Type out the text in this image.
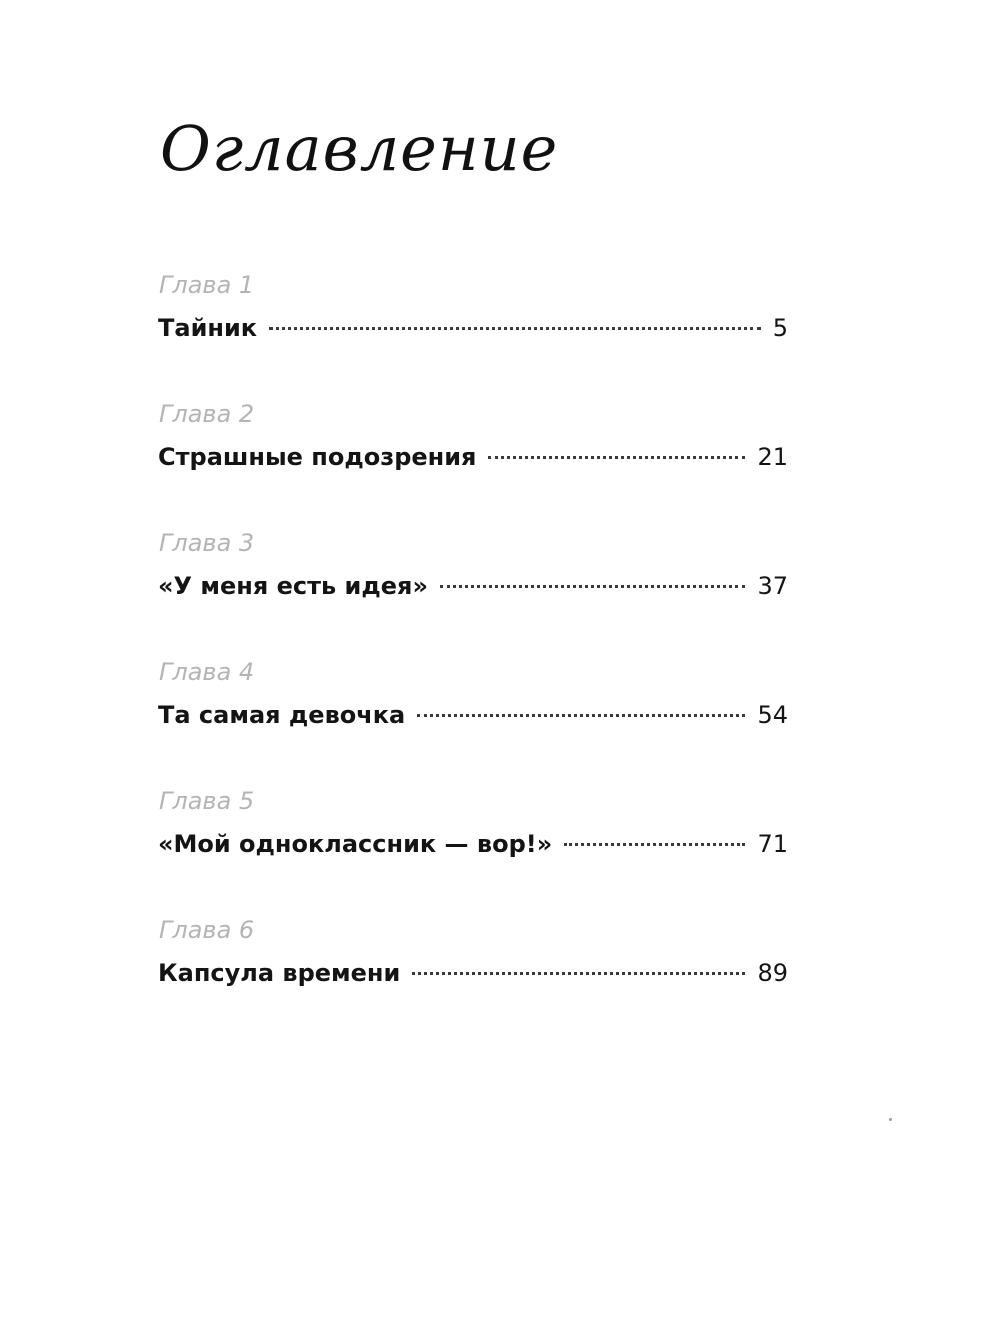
Оглавление
Глава 1
Тайник	5
Глава 2
Страшные подозрения	21
Глава 3
«У меня есть идея»	37
Глава 4
Та самая девочка	54
Глава 5
«Мой одноклассник — вор!»	71
Глава 6
Капсула времени	89
